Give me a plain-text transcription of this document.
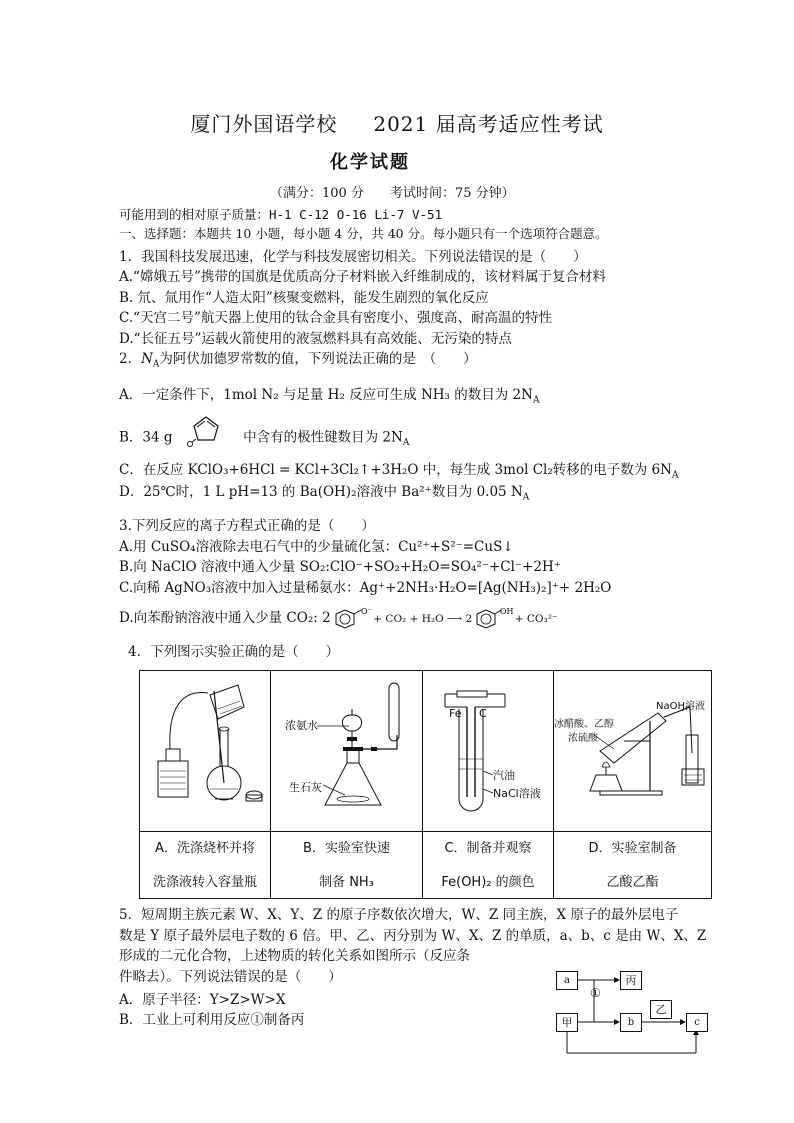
厦门外国语学校 2021 届高考适应性考试
化学试题
（满分：100 分　　考试时间：75 分钟）
可能用到的相对原子质量：H-1 C-12 O-16 Li-7 V-51
一、选择题：本题共 10 小题，每小题 4 分，共 40 分。每小题只有一个选项符合题意。
1．我国科技发展迅速，化学与科技发展密切相关。下列说法错误的是（　　）
A.“嫦娥五号”携带的国旗是优质高分子材料嵌入纤维制成的，该材料属于复合材料
B. 氘、氚用作“人造太阳”核聚变燃料，能发生剧烈的氧化反应
C.“天宫二号”航天器上使用的钛合金具有密度小、强度高、耐高温的特性
D.“长征五号”运载火箭使用的液氢燃料具有高效能、无污染的特点
2．$N_A$为阿伏加德罗常数的值，下列说法正确的是　（　　）
A．一定条件下，1mol N₂ 与足量 H₂ 反应可生成 NH₃ 的数目为 $2N_A$
B．34 g	中含有的极性键数目为 $2N_A$
C．在反应 KClO₃+6HCl = KCl+3Cl₂↑+3H₂O 中，每生成 3mol Cl₂转移的电子数为 $6N_A$
D．25℃时，1 L pH=13 的 Ba(OH)₂溶液中 Ba²⁺数目为 0.05 $N_A$
3.下列反应的离子方程式正确的是（　　）
A.用 CuSO₄溶液除去电石气中的少量硫化氢：Cu²⁺+S²⁻=CuS↓
B.向 NaClO 溶液中通入少量 SO₂:ClO⁻+SO₂+H₂O=SO₄²⁻+Cl⁻+2H⁺
C.向稀 AgNO₃溶液中加入过量稀氨水：Ag⁺+2NH₃·H₂O=[Ag(NH₃)₂]⁺+ 2H₂O
D.向苯酚钠溶液中通入少量 CO₂: 2	O⁻
+ CO₂ + H₂O ⟶ 2
OH
+ CO₃²⁻
4．下列图示实验正确的是（　　）
A．洗涤烧杯并将
洗涤液转入容量瓶
浓氨水
生石灰
B．实验室快速
制备 NH₃
Fe C
汽油
NaCl溶液
C．制备并观察
Fe(OH)₂ 的颜色
冰醋酸、乙醇
浓硫酸
NaOH溶液
D．实验室制备
乙酸乙酯
5．短周期主族元素 W、X、Y、Z 的原子序数依次增大，W、Z 同主族，X 原子的最外层电子
数是 Y 原子最外层电子数的 6 倍。甲、乙、丙分别为 W、X、Z 的单质，a、b、c 是由 W、X、Z
形成的二元化合物，上述物质的转化关系如图所示（反应条
件略去）。下列说法错误的是（　　）
A．原子半径：Y>Z>W>X
B．工业上可利用反应①制备丙
a	丙
①
甲	b
乙
c
